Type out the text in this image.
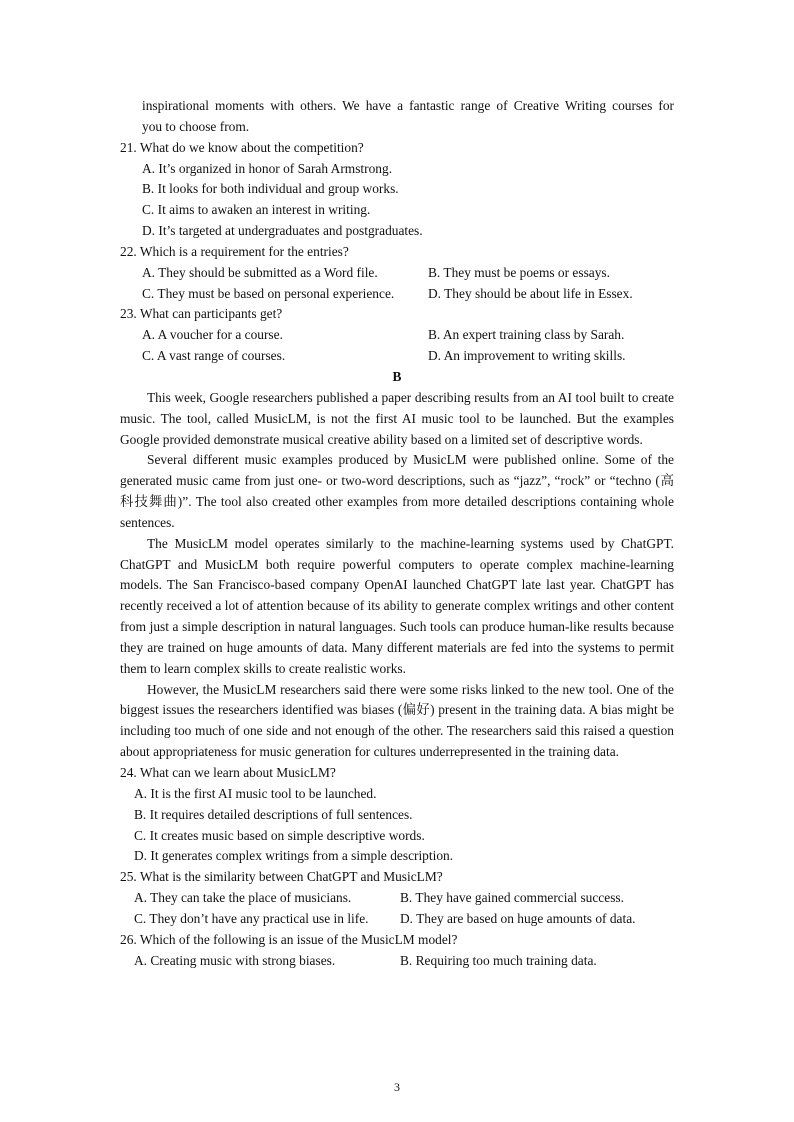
inspirational moments with others. We have a fantastic range of Creative Writing courses for
you to choose from.
21. What do we know about the competition?
A. It’s organized in honor of Sarah Armstrong.
B. It looks for both individual and group works.
C. It aims to awaken an interest in writing.
D. It’s targeted at undergraduates and postgraduates.
22. Which is a requirement for the entries?
A. They should be submitted as a Word file.	B. They must be poems or essays.
C. They must be based on personal experience.	D. They should be about life in Essex.
23. What can participants get?
A. A voucher for a course.	B. An expert training class by Sarah.
C. A vast range of courses.	D. An improvement to writing skills.
B
This week, Google researchers published a paper describing results from an AI tool built to create music. The tool, called MusicLM, is not the first AI music tool to be launched. But the examples Google provided demonstrate musical creative ability based on a limited set of descriptive words.
Several different music examples produced by MusicLM were published online. Some of the generated music came from just one- or two-word descriptions, such as “jazz”, “rock” or “techno (高科技舞曲)”. The tool also created other examples from more detailed descriptions containing whole sentences.
The MusicLM model operates similarly to the machine-learning systems used by ChatGPT. ChatGPT and MusicLM both require powerful computers to operate complex machine-learning models. The San Francisco-based company OpenAI launched ChatGPT late last year. ChatGPT has recently received a lot of attention because of its ability to generate complex writings and other content from just a simple description in natural languages. Such tools can produce human-like results because they are trained on huge amounts of data. Many different materials are fed into the systems to permit them to learn complex skills to create realistic works.
However, the MusicLM researchers said there were some risks linked to the new tool. One of the biggest issues the researchers identified was biases (偏好) present in the training data. A bias might be including too much of one side and not enough of the other. The researchers said this raised a question about appropriateness for music generation for cultures underrepresented in the training data.
24. What can we learn about MusicLM?
A. It is the first AI music tool to be launched.
B. It requires detailed descriptions of full sentences.
C. It creates music based on simple descriptive words.
D. It generates complex writings from a simple description.
25. What is the similarity between ChatGPT and MusicLM?
A. They can take the place of musicians.	B. They have gained commercial success.
C. They don’t have any practical use in life. D. They are based on huge amounts of data.
26. Which of the following is an issue of the MusicLM model?
A. Creating music with strong biases.	B. Requiring too much training data.
3
